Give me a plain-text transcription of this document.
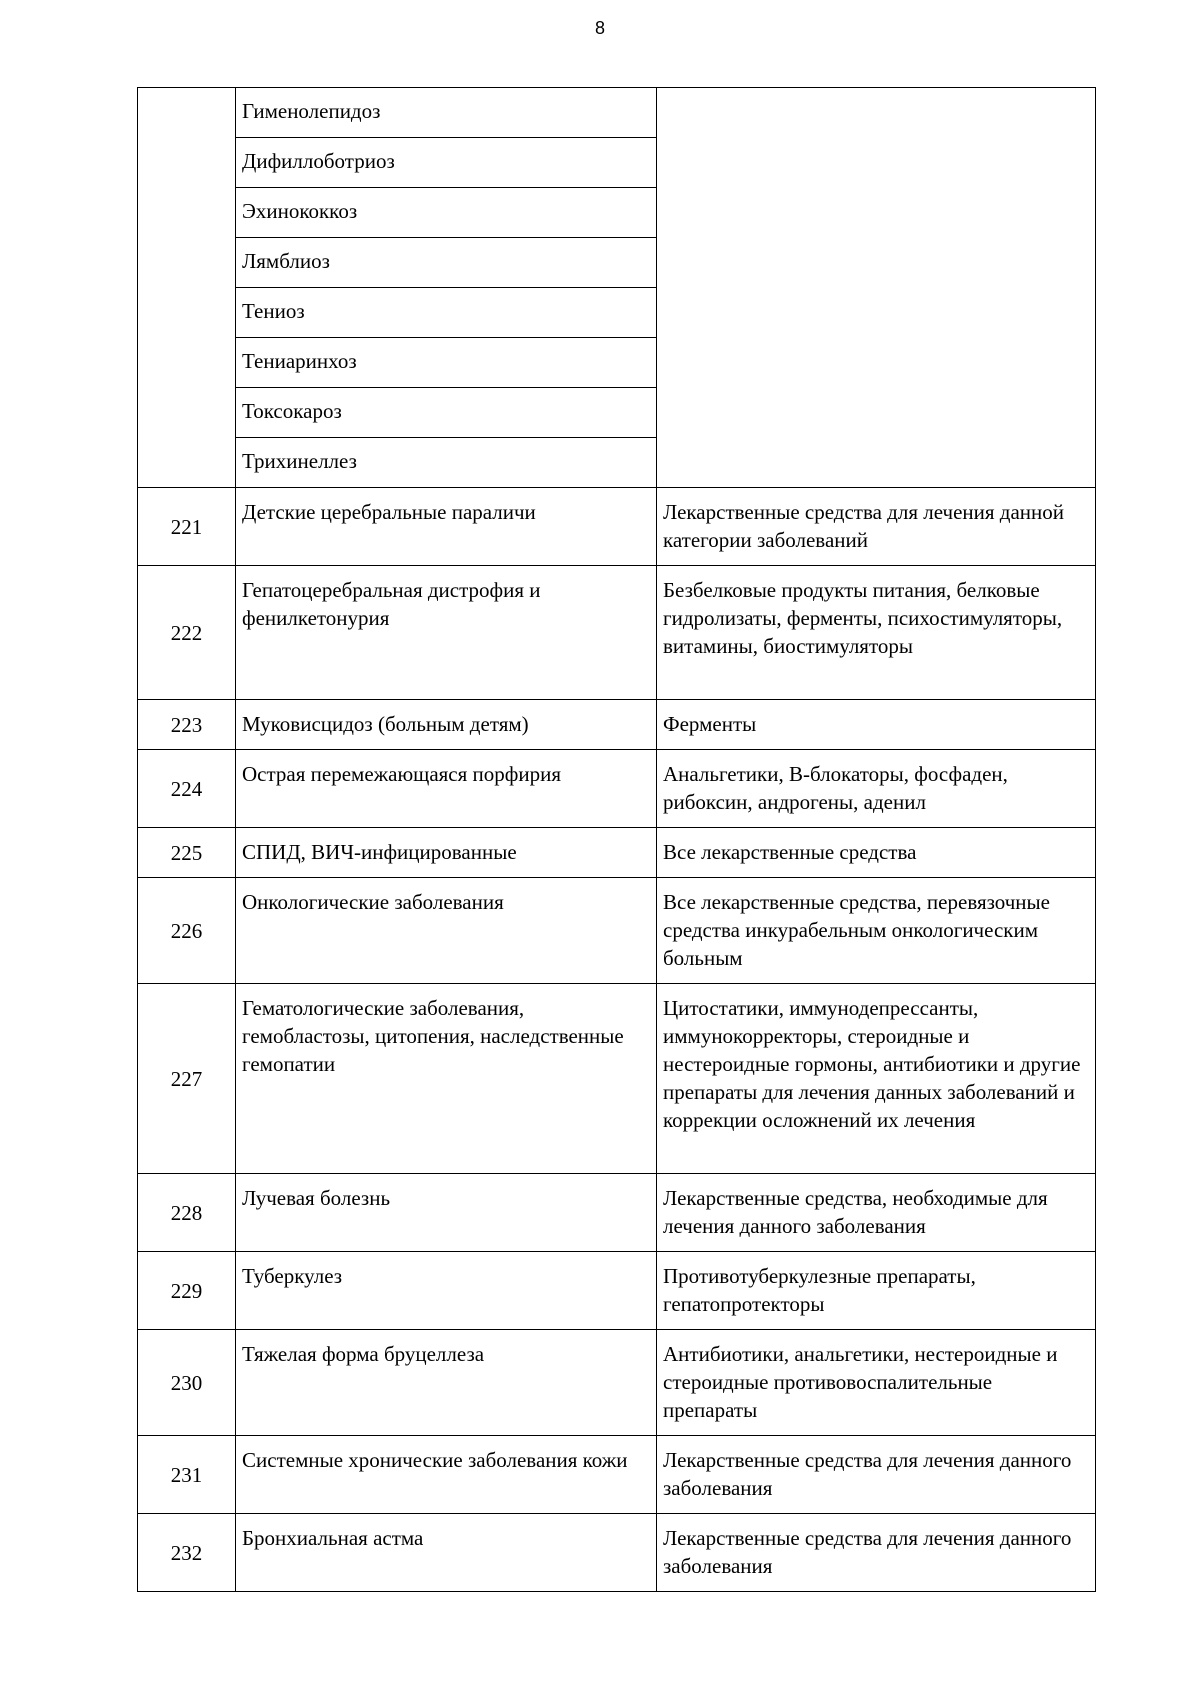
8
	Гименолепидоз	
	Дифиллоботриоз	
	Эхинококкоз	
	Лямблиоз	
	Тениоз	
	Тениаринхоз	
	Токсокароз	
	Трихинеллез	
221	Детские церебральные параличи	Лекарственные средства для лечения данной категории заболеваний
222	Гепатоцеребральная дистрофия и фенилкетонурия	Безбелковые продукты питания, белковые гидролизаты, ферменты, психостимуляторы, витамины, биостимуляторы
223	Муковисцидоз (больным детям)	Ферменты
224	Острая перемежающаяся порфирия	Анальгетики, В-блокаторы, фосфаден, рибоксин, андрогены, аденил
225	СПИД, ВИЧ-инфицированные	Все лекарственные средства
226	Онкологические заболевания	Все лекарственные средства, перевязочные средства инкурабельным онкологическим больным
227	Гематологические заболевания, гемобластозы, цитопения, наследственные гемопатии	Цитостатики, иммунодепрессанты, иммунокорректоры, стероидные и нестероидные гормоны, антибиотики и другие препараты для лечения данных заболеваний и коррекции осложнений их лечения
228	Лучевая болезнь	Лекарственные средства, необходимые для лечения данного заболевания
229	Туберкулез	Противотуберкулезные препараты, гепатопротекторы
230	Тяжелая форма бруцеллеза	Антибиотики, анальгетики, нестероидные и стероидные противовоспалительные препараты
231	Системные хронические заболевания кожи	Лекарственные средства для лечения данного заболевания
232	Бронхиальная астма	Лекарственные средства для лечения данного заболевания
